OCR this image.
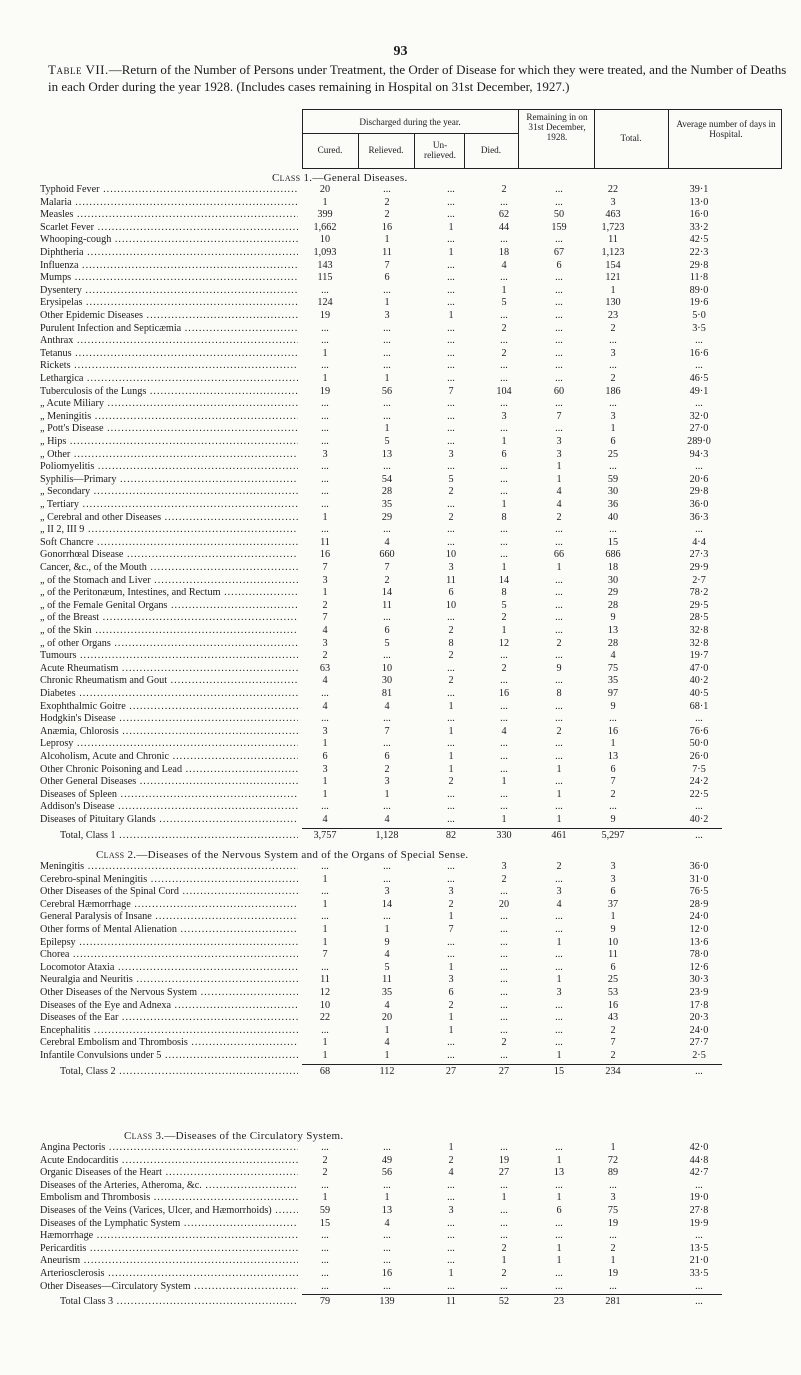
93
Table VII.—Return of the Number of Persons under Treatment, the Order of Disease for which they were treated, and the Number of Deaths in each Order during the year 1928. (Includes cases remaining in Hospital on 31st December, 1927.)
Discharged during the year.
Cured.	Relieved.	Un-relieved.	Died.
Remaining in on 31st December, 1928.	Total.
Average number of days in Hospital.
Class 1.—General Diseases.
Typhoid Fever .....	20	...	...	2	...	22	39·1
Malaria .....	1	2	...	...	...	3	13·0
Measles .....	399	2	...	62	50	463	16·0
Scarlet Fever .....	1,662	16	1	44	159	1,723	33·2
Whooping-cough .....	10	1	...	...	...	11	42·5
Diphtheria .....	1,093	11	1	18	67	1,123	22·3
Influenza .....	143	7	...	4	6	154	29·8
Mumps .....	115	6	...	...	...	121	11·8
Dysentery .....	...	...	...	1	...	1	89·0
Erysipelas .....	124	1	...	5	...	130	19·6
Other Epidemic Diseases .....	19	3	1	...	...	23	5·0
Purulent Infection and Septicæmia .....	...	...	...	2	...	2	3·5
Anthrax .....	...	...	...	...	...	...	...
Tetanus .....	1	...	...	2	...	3	16·6
Rickets .....	...	...	...	...	...	...	...
Lethargica .....	1	1	...	...	...	2	46·5
Tuberculosis of the Lungs .....	19	56	7	104	60	186	49·1
„ Acute Miliary .....	...	...	...	...	...	...	...
„ Meningitis .....	...	...	...	3	7	3	32·0
„ Pott's Disease .....	...	1	...	...	...	1	27·0
„ Hips .....	...	5	...	1	3	6	289·0
„ Other .....	3	13	3	6	3	25	94·3
Poliomyelitis .....	...	...	...	...	1	...	...
Syphilis—Primary .....	...	54	5	...	1	59	20·6
„ Secondary .....	...	28	2	...	4	30	29·8
„ Tertiary .....	...	35	...	1	4	36	36·0
„ Cerebral and other Diseases .....	1	29	2	8	2	40	36·3
„ II 2, III 9 .....	...	...	...	...	...	...	...
Soft Chancre .....	11	4	...	...	...	15	4·4
Gonorrhœal Disease .....	16	660	10	...	66	686	27·3
Cancer, &c., of the Mouth .....	7	7	3	1	1	18	29·9
„ of the Stomach and Liver .....	3	2	11	14	...	30	2·7
„ of the Peritonæum, Intestines, and Rectum .....	1	14	6	8	...	29	78·2
„ of the Female Genital Organs .....	2	11	10	5	...	28	29·5
„ of the Breast .....	7	...	...	2	...	9	28·5
„ of the Skin .....	4	6	2	1	...	13	32·8
„ of other Organs .....	3	5	8	12	2	28	32·8
Tumours .....	2	...	2	...	...	4	19·7
Acute Rheumatism .....	63	10	...	2	9	75	47·0
Chronic Rheumatism and Gout .....	4	30	2	...	...	35	40·2
Diabetes .....	...	81	...	16	8	97	40·5
Exophthalmic Goitre .....	4	4	1	...	...	9	68·1
Hodgkin's Disease .....	...	...	...	...	...	...	...
Anæmia, Chlorosis .....	3	7	1	4	2	16	76·6
Leprosy .....	1	...	...	...	...	1	50·0
Alcoholism, Acute and Chronic .....	6	6	1	...	...	13	26·0
Other Chronic Poisoning and Lead .....	3	2	1	...	1	6	7·5
Other General Diseases .....	1	3	2	1	...	7	24·2
Diseases of Spleen .....	1	1	...	...	1	2	22·5
Addison's Disease .....	...	...	...	...	...	...	...
Diseases of Pituitary Glands .....	4	4	...	1	1	9	40·2
Total, Class 1 .....	3,757	1,128	82	330	461	5,297	...
Class 2.—Diseases of the Nervous System and of the Organs of Special Sense.
Meningitis .....	...	...	...	3	2	3	36·0
Cerebro-spinal Meningitis .....	1	...	...	2	...	3	31·0
Other Diseases of the Spinal Cord .....	...	3	3	...	3	6	76·5
Cerebral Hæmorrhage .....	1	14	2	20	4	37	28·9
General Paralysis of Insane .....	...	...	1	...	...	1	24·0
Other forms of Mental Alienation .....	1	1	7	...	...	9	12·0
Epilepsy .....	1	9	...	...	1	10	13·6
Chorea .....	7	4	...	...	...	11	78·0
Locomotor Ataxia .....	...	5	1	...	...	6	12·6
Neuralgia and Neuritis .....	11	11	3	...	1	25	30·3
Other Diseases of the Nervous System .....	12	35	6	...	3	53	23·9
Diseases of the Eye and Adnexa .....	10	4	2	...	...	16	17·8
Diseases of the Ear .....	22	20	1	...	...	43	20·3
Encephalitis .....	...	1	1	...	...	2	24·0
Cerebral Embolism and Thrombosis .....	1	4	...	2	...	7	27·7
Infantile Convulsions under 5 .....	1	1	...	...	1	2	2·5
Total, Class 2 .....	68	112	27	27	15	234	...
Class 3.—Diseases of the Circulatory System.
Angina Pectoris .....	...	...	1	...	...	1	42·0
Acute Endocarditis .....	2	49	2	19	1	72	44·8
Organic Diseases of the Heart .....	2	56	4	27	13	89	42·7
Diseases of the Arteries, Atheroma, &c. .....	...	...	...	...	...	...	...
Embolism and Thrombosis .....	1	1	...	1	1	3	19·0
Diseases of the Veins (Varices, Ulcer, and Hæmorrhoids) .....	59	13	3	...	6	75	27·8
Diseases of the Lymphatic System .....	15	4	...	...	...	19	19·9
Hæmorrhage .....	...	...	...	...	...	...	...
Pericarditis .....	...	...	...	2	1	2	13·5
Aneurism .....	...	...	...	1	1	1	21·0
Arteriosclerosis .....	...	16	1	2	...	19	33·5
Other Diseases—Circulatory System .....	...	...	...	...	...	...	...
Total Class 3 .....	79	139	11	52	23	281	...
